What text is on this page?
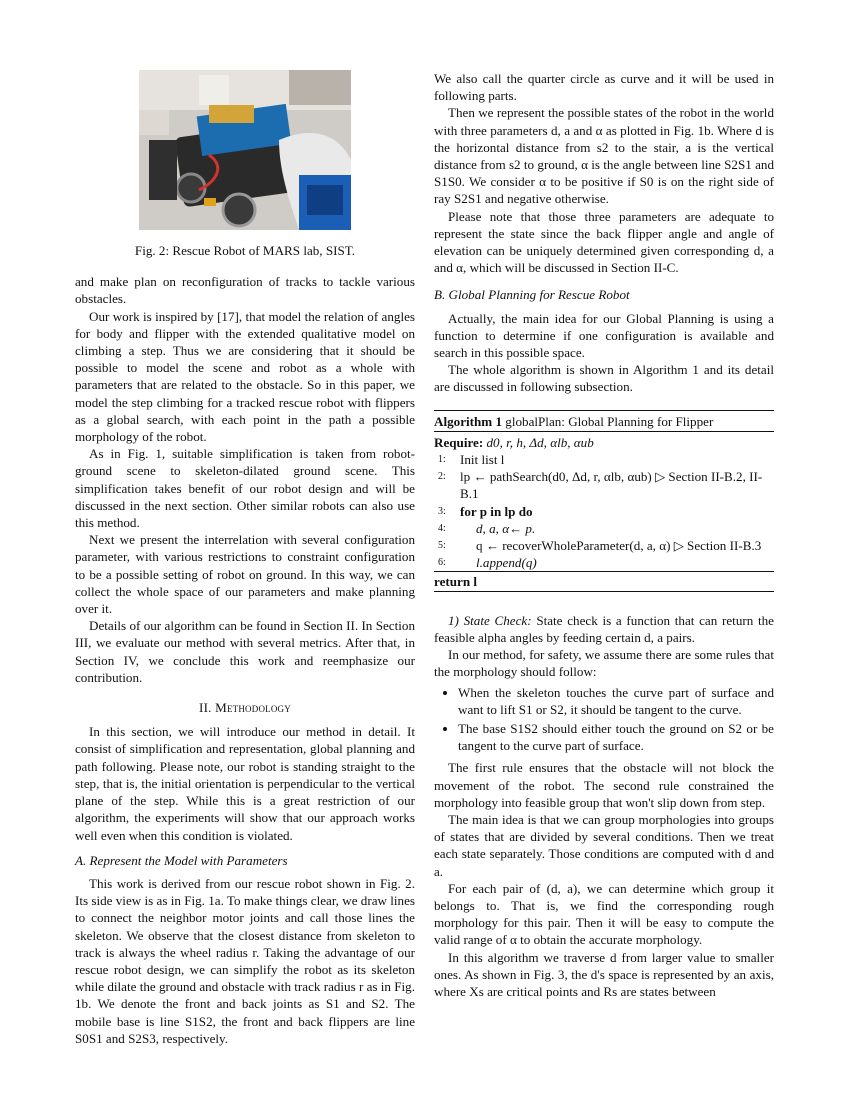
Fig. 2: Rescue Robot of MARS lab, SIST.

and make plan on reconfiguration of tracks to tackle various obstacles.

Our work is inspired by [17], that model the relation of angles for body and flipper with the extended qualitative model on climbing a step. Thus we are considering that it should be possible to model the scene and robot as a whole with parameters that are related to the obstacle. So in this paper, we model the step climbing for a tracked rescue robot with flippers as a global search, with each point in the path a possible morphology of the robot.

As in Fig. 1, suitable simplification is taken from robot-ground scene to skeleton-dilated ground scene. This simplification takes benefit of our robot design and will be discussed in the next section. Other similar robots can also use this method.

Next we present the interrelation with several configuration parameter, with various restrictions to constraint configuration to be a possible setting of robot on ground. In this way, we can collect the whole space of our parameters and make planning over it.

Details of our algorithm can be found in Section II. In Section III, we evaluate our method with several metrics. After that, in Section IV, we conclude this work and reemphasize our contribution.

II. Methodology

In this section, we will introduce our method in detail. It consist of simplification and representation, global planning and path following. Please note, our robot is standing straight to the step, that is, the initial orientation is perpendicular to the vertical plane of the step. While this is a great restriction of our algorithm, the experiments will show that our approach works well even when this condition is violated.

A. Represent the Model with Parameters

This work is derived from our rescue robot shown in Fig. 2. Its side view is as in Fig. 1a. To make things clear, we draw lines to connect the neighbor motor joints and call those lines the skeleton. We observe that the closest distance from skeleton to track is always the wheel radius r. Taking the advantage of our rescue robot design, we can simplify the robot as its skeleton while dilate the ground and obstacle with track radius r as in Fig. 1b. We denote the front and back joints as S1 and S2. The mobile base is line S1S2, the front and back flippers are line S0S1 and S2S3, respectively.

We also call the quarter circle as curve and it will be used in following parts.

Then we represent the possible states of the robot in the world with three parameters d, a and α as plotted in Fig. 1b. Where d is the horizontal distance from s2 to the stair, a is the vertical distance from s2 to ground, α is the angle between line S2S1 and S1S0. We consider α to be positive if S0 is on the right side of ray S2S1 and negative otherwise.

Please note that those three parameters are adequate to represent the state since the back flipper angle and angle of elevation can be uniquely determined given corresponding d, a and α, which will be discussed in Section II-C.

B. Global Planning for Rescue Robot

Actually, the main idea for our Global Planning is using a function to determine if one configuration is available and search in this possible space.

The whole algorithm is shown in Algorithm 1 and its detail are discussed in following subsection.

Algorithm 1 globalPlan: Global Planning for Flipper
Require: d0, r, h, Δd, αlb, αub
1:	Init list l
2:	lp ← pathSearch(d0, Δd, r, αlb, αub) ▷ Section II-B.2, II-B.1
3:	for p in lp do
4:	d, a, α← p.
5:	q ← recoverWholeParameter(d, a, α) ▷ Section II-B.3
6:	l.append(q)
return l

1) State Check: State check is a function that can return the feasible alpha angles by feeding certain d, a pairs.

In our method, for safety, we assume there are some rules that the morphology should follow:

• When the skeleton touches the curve part of surface and want to lift S1 or S2, it should be tangent to the curve.
• The base S1S2 should either touch the ground on S2 or be tangent to the curve part of surface.

The first rule ensures that the obstacle will not block the movement of the robot. The second rule constrained the morphology into feasible group that won't slip down from step.

The main idea is that we can group morphologies into groups of states that are divided by several conditions. Then we treat each state separately. Those conditions are computed with d and a.

For each pair of (d, a), we can determine which group it belongs to. That is, we find the corresponding rough morphology for this pair. Then it will be easy to compute the valid range of α to obtain the accurate morphology.

In this algorithm we traverse d from larger value to smaller ones. As shown in Fig. 3, the d's space is represented by an axis, where Xs are critical points and Rs are states between
